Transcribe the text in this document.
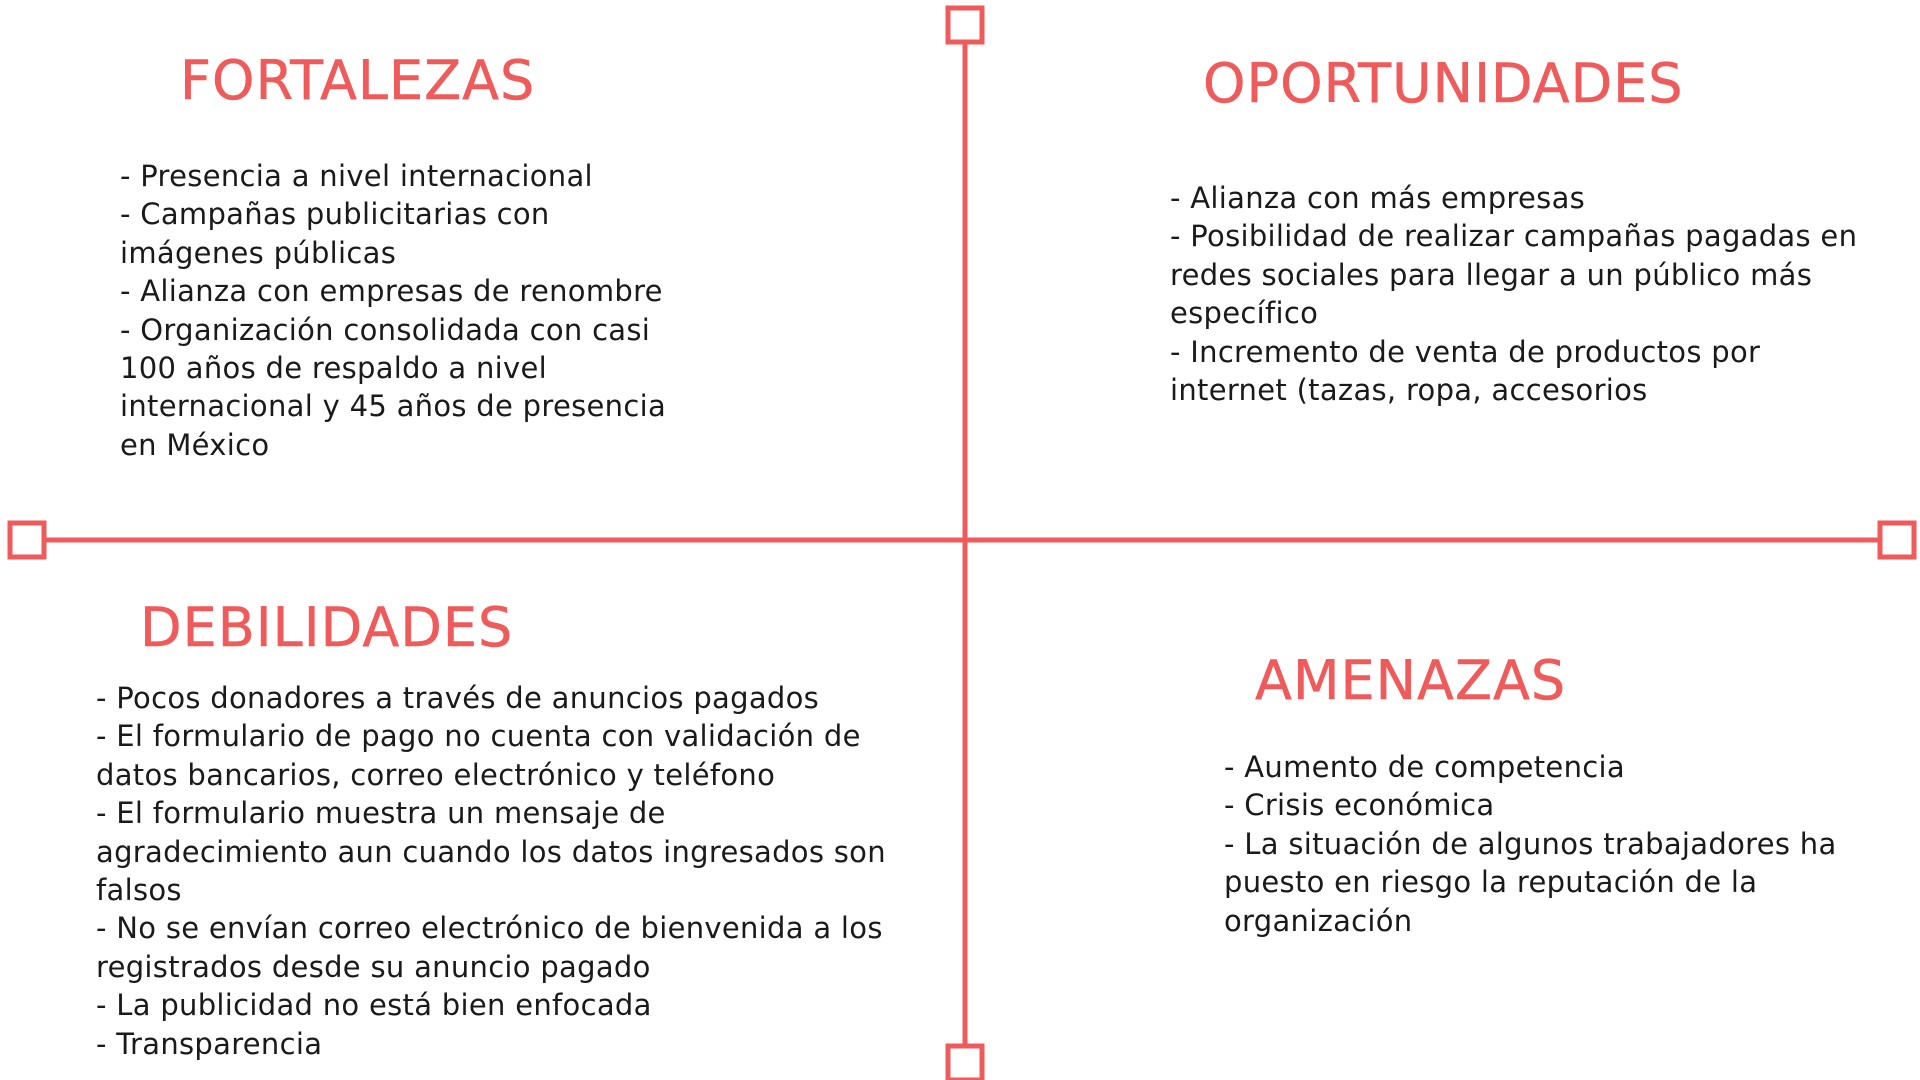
FORTALEZAS
- Presencia a nivel internacional
- Campañas publicitarias con imágenes públicas
- Alianza con empresas de renombre
- Organización consolidada con casi 100 años de respaldo a nivel internacional y 45 años de presencia en México
OPORTUNIDADES
- Alianza con más empresas
- Posibilidad de realizar campañas pagadas en redes sociales para llegar a un público más específico
- Incremento de venta de productos por internet (tazas, ropa, accesorios
DEBILIDADES
- Pocos donadores a través de anuncios pagados
- El formulario de pago no cuenta con validación de datos bancarios, correo electrónico y teléfono
- El formulario muestra un mensaje de agradecimiento aun cuando los datos ingresados son falsos
- No se envían correo electrónico de bienvenida a los registrados desde su anuncio pagado
- La publicidad no está bien enfocada
- Transparencia
AMENAZAS
- Aumento de competencia
- Crisis económica
- La situación de algunos trabajadores ha puesto en riesgo la reputación de la organización
